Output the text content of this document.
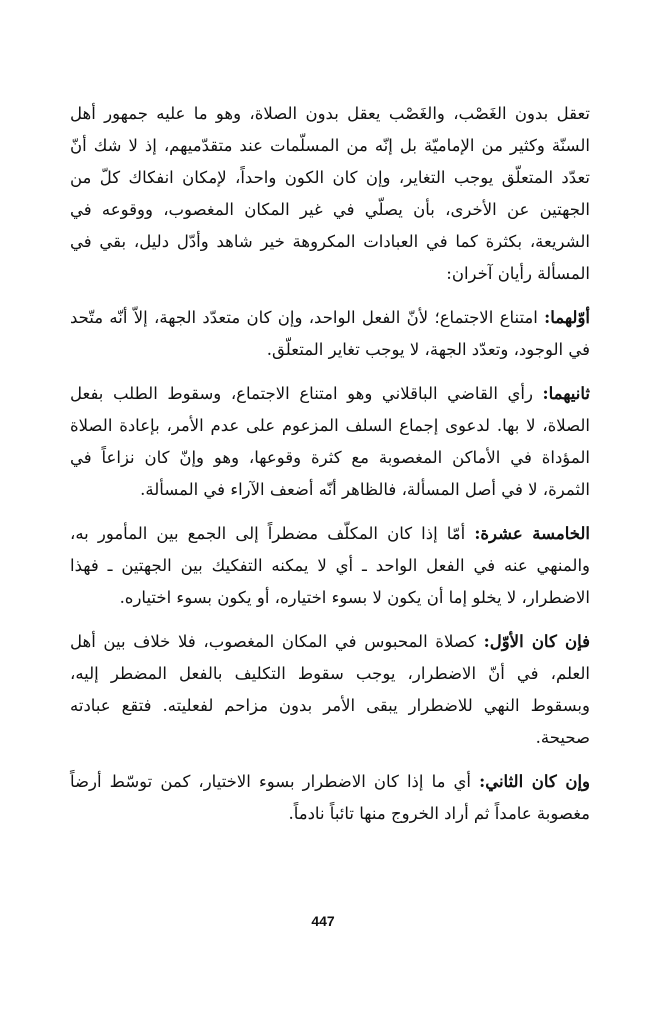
تعقل بدون الغَصْب، والغَصْب يعقل بدون الصلاة، وهو ما عليه جمهور أهل السنّة وكثير من الإماميّة بل إنّه من المسلّمات عند متقدّميهم، إذ لا شك أنّ تعدّد المتعلّق يوجب التغاير، وإن كان الكون واحداً، لإمكان انفكاك كلّ من الجهتين عن الأخرى، بأن يصلّي في غير المكان المغصوب، ووقوعه في الشريعة، بكثرة كما في العبادات المكروهة خير شاهد وأدّل دليل، بقي في المسألة رأيان آخران:

أوّلهما: امتناع الاجتماع؛ لأنّ الفعل الواحد، وإن كان متعدّد الجهة، إلاّ أنّه متّحد في الوجود، وتعدّد الجهة، لا يوجب تغاير المتعلّق.

ثانيهما: رأي القاضي الباقلاني وهو امتناع الاجتماع، وسقوط الطلب بفعل الصلاة، لا بها. لدعوى إجماع السلف المزعوم على عدم الأمر، بإعادة الصلاة المؤداة في الأماكن المغصوبة مع كثرة وقوعها، وهو وإنّ كان نزاعاً في الثمرة، لا في أصل المسألة، فالظاهر أنّه أضعف الآراء في المسألة.

الخامسة عشرة: أمّا إذا كان المكلّف مضطراً إلى الجمع بين المأمور به، والمنهي عنه في الفعل الواحد ـ أي لا يمكنه التفكيك بين الجهتين ـ فهذا الاضطرار، لا يخلو إما أن يكون لا بسوء اختياره، أو يكون بسوء اختياره.

فإن كان الأوّل: كصلاة المحبوس في المكان المغصوب، فلا خلاف بين أهل العلم، في أنّ الاضطرار، يوجب سقوط التكليف بالفعل المضطر إليه، وبسقوط النهي للاضطرار يبقى الأمر بدون مزاحم لفعليته. فتقع عبادته صحيحة.

وإن كان الثاني: أي ما إذا كان الاضطرار بسوء الاختيار، كمن توسّط أرضاً مغصوبة عامداً ثم أراد الخروج منها تائباً نادماً.

447
